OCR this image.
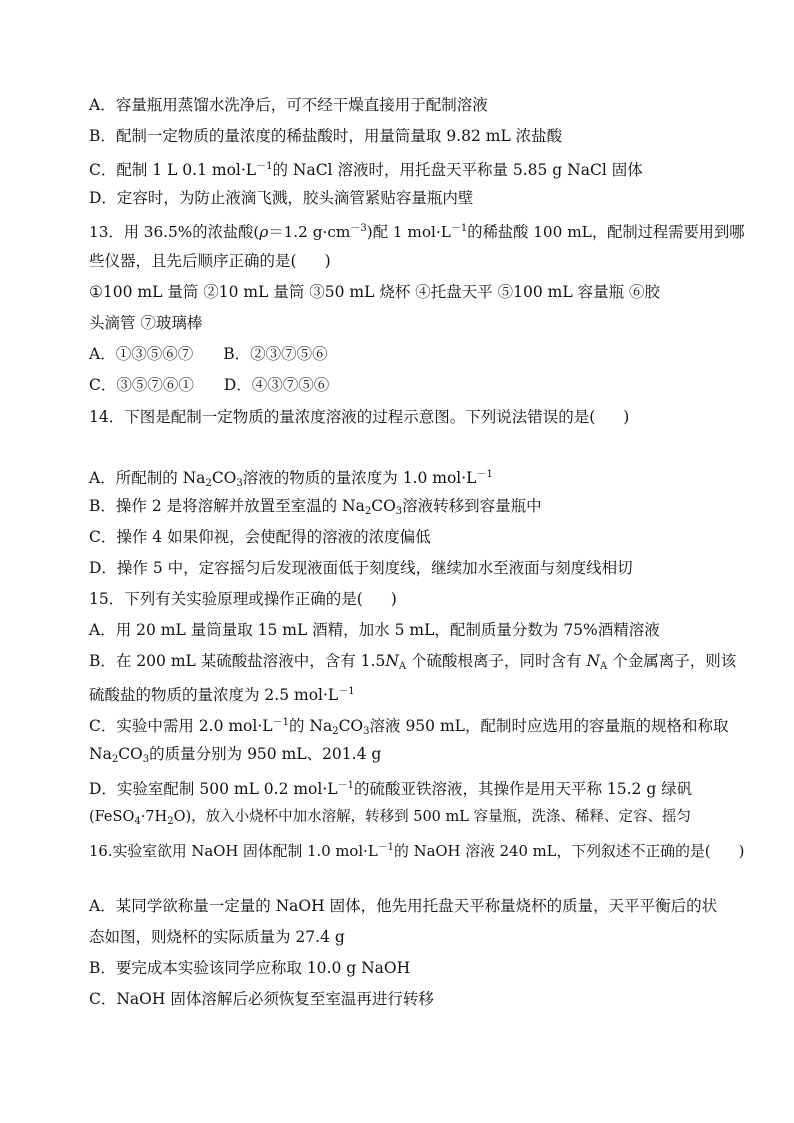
A．容量瓶用蒸馏水洗净后，可不经干燥直接用于配制溶液
B．配制一定物质的量浓度的稀盐酸时，用量筒量取 9.82 mL 浓盐酸
C．配制 1 L 0.1 $mol\cdot L^{-1}$的 NaCl 溶液时，用托盘天平称量 5.85 g NaCl 固体
D．定容时，为防止液滴飞溅，胶头滴管紧贴容量瓶内壁
13．用 36.5%的浓盐酸(ρ＝1.2 $g\cdot cm^{-3}$)配 1 $mol\cdot L^{-1}$的稀盐酸 100 mL，配制过程需要用到哪
些仪器，且先后顺序正确的是( )
①100 mL 量筒 ②10 mL 量筒 ③50 mL 烧杯 ④托盘天平 ⑤100 mL 容量瓶 ⑥胶
头滴管 ⑦玻璃棒
A．①③⑤⑥⑦ B．②③⑦⑤⑥
C．③⑤⑦⑥① D．④③⑦⑤⑥
14．下图是配制一定物质的量浓度溶液的过程示意图。下列说法错误的是( )
A．所配制的 $Na_2CO_3$溶液的物质的量浓度为 1.0 $mol\cdot L^{-1}$
B．操作 2 是将溶解并放置至室温的 $Na_2CO_3$溶液转移到容量瓶中
C．操作 4 如果仰视，会使配得的溶液的浓度偏低
D．操作 5 中，定容摇匀后发现液面低于刻度线，继续加水至液面与刻度线相切
15．下列有关实验原理或操作正确的是( )
A．用 20 mL 量筒量取 15 mL 酒精，加水 5 mL，配制质量分数为 75%酒精溶液
B．在 200 mL 某硫酸盐溶液中，含有 $1.5N_A$ 个硫酸根离子，同时含有 $N_A$ 个金属离子，则该
硫酸盐的物质的量浓度为 2.5 $mol\cdot L^{-1}$
C．实验中需用 2.0 $mol\cdot L^{-1}$的 $Na_2CO_3$溶液 950 mL，配制时应选用的容量瓶的规格和称取
$Na_2CO_3$的质量分别为 950 mL、201.4 g
D．实验室配制 500 mL 0.2 $mol\cdot L^{-1}$的硫酸亚铁溶液，其操作是用天平称 15.2 g 绿矾
$(FeSO_4\cdot 7H_2O)$，放入小烧杯中加水溶解，转移到 500 mL 容量瓶，洗涤、稀释、定容、摇匀
16.实验室欲用 NaOH 固体配制 1.0 $mol\cdot L^{-1}$的 NaOH 溶液 240 mL，下列叙述不正确的是( )
A．某同学欲称量一定量的 NaOH 固体，他先用托盘天平称量烧杯的质量，天平平衡后的状
态如图，则烧杯的实际质量为 27.4 g
B．要完成本实验该同学应称取 10.0 g NaOH
C．NaOH 固体溶解后必须恢复至室温再进行转移
